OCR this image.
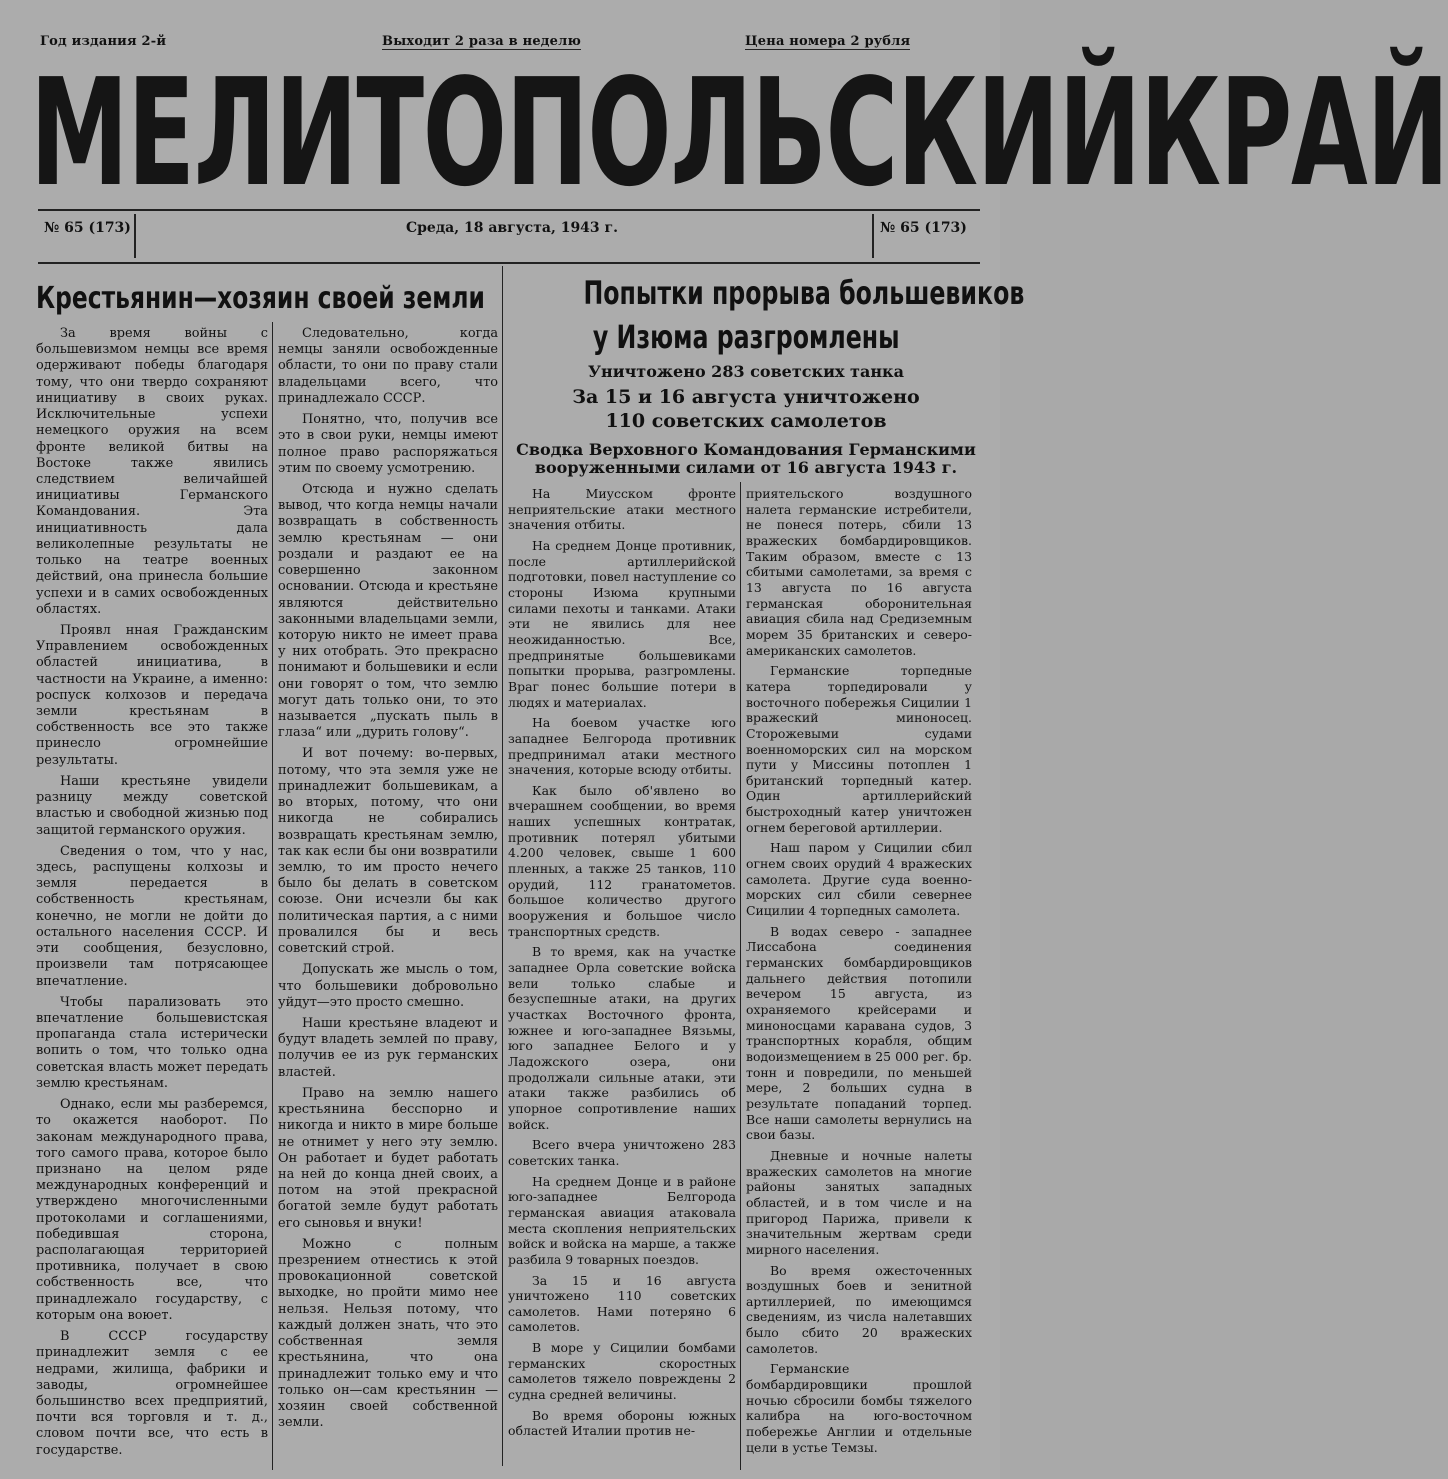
Год издания 2-й	Выходит 2 раза в неделю	Цена номера 2 рубля
МЕЛИТОПОЛЬСКИЙ КРАЙ
№ 65 (173)	Среда, 18 августа, 1943 г.	№ 65 (173)
Крестьянин—хозяин своей земли

За время войны с большевизмом немцы все время одерживают победы благодаря тому, что они твердо сохраняют инициативу в своих руках. Исключительные успехи немецкого оружия на всем фронте великой битвы на Востоке также явились следствием величайшей инициативы Германского Командования. Эта инициативность дала великолепные результаты не только на театре военных действий, она принесла большие успехи и в самих освобожденных областях.

Проявл нная Гражданским Управлением освобожденных областей инициатива, в частности на Украине, а именно: роспуск колхозов и передача земли крестьянам в собственность все это также принесло огромнейшие результаты.

Наши крестьяне увидели разницу между советской властью и свободной жизнью под защитой германского оружия.

Сведения о том, что у нас, здесь, распущены колхозы и земля передается в собственность крестьянам, конечно, не могли не дойти до остального населения СССР. И эти сообщения, безусловно, произвели там потрясающее впечатление.

Чтобы парализовать это впечатление большевистская пропаганда стала истерически вопить о том, что только одна советская власть может передать землю крестьянам.

Однако, если мы разберемся, то окажется наоборот. По законам международного права, того самого права, которое было признано на целом ряде международных конференций и утверждено многочисленными протоколами и соглашениями, победившая сторона, располагающая территорией противника, получает в свою собственность все, что принадлежало государству, с которым она воюет.

В СССР государству принадлежит земля с ее недрами, жилища, фабрики и заводы, огромнейшее большинство всех предприятий, почти вся торговля и т. д., словом почти все, что есть в государстве.

Следовательно, когда немцы заняли освобожденные области, то они по праву стали владельцами всего, что принадлежало СССР.

Понятно, что, получив все это в свои руки, немцы имеют полное право распоряжаться этим по своему усмотрению.

Отсюда и нужно сделать вывод, что когда немцы начали возвращать в собственность землю крестьянам — они роздали и раздают ее на совершенно законном основании. Отсюда и крестьяне являются действительно законными владельцами земли, которую никто не имеет права у них отобрать. Это прекрасно понимают и большевики и если они говорят о том, что землю могут дать только они, то это называется „пускать пыль в глаза“ или „дурить голову“.

И вот почему: во-первых, потому, что эта земля уже не принадлежит большевикам, а во вторых, потому, что они никогда не собирались возвращать крестьянам землю, так как если бы они возвратили землю, то им просто нечего было бы делать в советском союзе. Они исчезли бы как политическая партия, а с ними провалился бы и весь советский строй.

Допускать же мысль о том, что большевики добровольно уйдут—это просто смешно.

Наши крестьяне владеют и будут владеть землей по праву, получив ее из рук германских властей.

Право на землю нашего крестьянина бесспорно и никогда и никто в мире больше не отнимет у него эту землю. Он работает и будет работать на ней до конца дней своих, а потом на этой прекрасной богатой земле будут работать его сыновья и внуки!

Можно с полным презрением отнестись к этой провокационной советской выходке, но пройти мимо нее нельзя. Нельзя потому, что каждый должен знать, что это собственная земля крестьянина, что она принадлежит только ему и что только он—сам крестьянин — хозяин своей собственной земли.

Попытки прорыва большевиков
у Изюма разгромлены
Уничтожено 283 советских танка
За 15 и 16 августа уничтожено
110 советских самолетов
Сводка Верховного Командования Германскими
вооруженными силами от 16 августа 1943 г.

На Миусском фронте неприятельские атаки местного значения отбиты.

На среднем Донце противник, после артиллерийской подготовки, повел наступление со стороны Изюма крупными силами пехоты и танками. Атаки эти не явились для нее неожиданностью. Все, предпринятые большевиками попытки прорыва, разгромлены. Враг понес большие потери в людях и материалах.

На боевом участке юго западнее Белгорода противник предпринимал атаки местного значения, которые всюду отбиты.

Как было об'явлено во вчерашнем сообщении, во время наших успешных контратак, противник потерял убитыми 4.200 человек, свыше 1 600 пленных, а также 25 танков, 110 орудий, 112 гранатометов. большое количество другого вооружения и большое число транспортных средств.

В то время, как на участке западнее Орла советские войска вели только слабые и безуспешные атаки, на других участках Восточного фронта, южнее и юго-западнее Вязьмы, юго западнее Белого и у Ладожского озера, они продолжали сильные атаки, эти атаки также разбились об упорное сопротивление наших войск.

Всего вчера уничтожено 283 советских танка.

На среднем Донце и в районе юго-западнее Белгорода германская авиация атаковала места скопления неприятельских войск и войска на марше, а также разбила 9 товарных поездов.

За 15 и 16 августа уничтожено 110 советских самолетов. Нами потеряно 6 самолетов.

В море у Сицилии бомбами германских скоростных самолетов тяжело повреждены 2 судна средней величины.

Во время обороны южных областей Италии против не-

приятельского воздушного налета германские истребители, не понеся потерь, сбили 13 вражеских бомбардировщиков. Таким образом, вместе с 13 сбитыми самолетами, за время с 13 августа по 16 августа германская оборонительная авиация сбила над Средиземным морем 35 британских и северо-американских самолетов.

Германские торпедные катера торпедировали у восточного побережья Сицилии 1 вражеский миноносец. Сторожевыми судами военноморских сил на морском пути у Миссины потоплен 1 британский торпедный катер. Один артиллерийский быстроходный катер уничтожен огнем береговой артиллерии.

Наш паром у Сицилии сбил огнем своих орудий 4 вражеских самолета. Другие суда военно-морских сил сбили севернее Сицилии 4 торпедных самолета.

В водах северо - западнее Лиссабона соединения германских бомбардировщиков дальнего действия потопили вечером 15 августа, из охраняемого крейсерами и миноносцами каравана судов, 3 транспортных корабля, общим водоизмещением в 25 000 рег. бр. тонн и повредили, по меньшей мере, 2 больших судна в результате попаданий торпед. Все наши самолеты вернулись на свои базы.

Дневные и ночные налеты вражеских самолетов на многие районы занятых западных областей, и в том числе и на пригород Парижа, привели к значительным жертвам среди мирного населения.

Во время ожесточенных воздушных боев и зенитной артиллерией, по имеющимся сведениям, из числа налетавших было сбито 20 вражеских самолетов.

Германские бомбардировщики прошлой ночью сбросили бомбы тяжелого калибра на юго-восточном побережье Англии и отдельные цели в устье Темзы.
